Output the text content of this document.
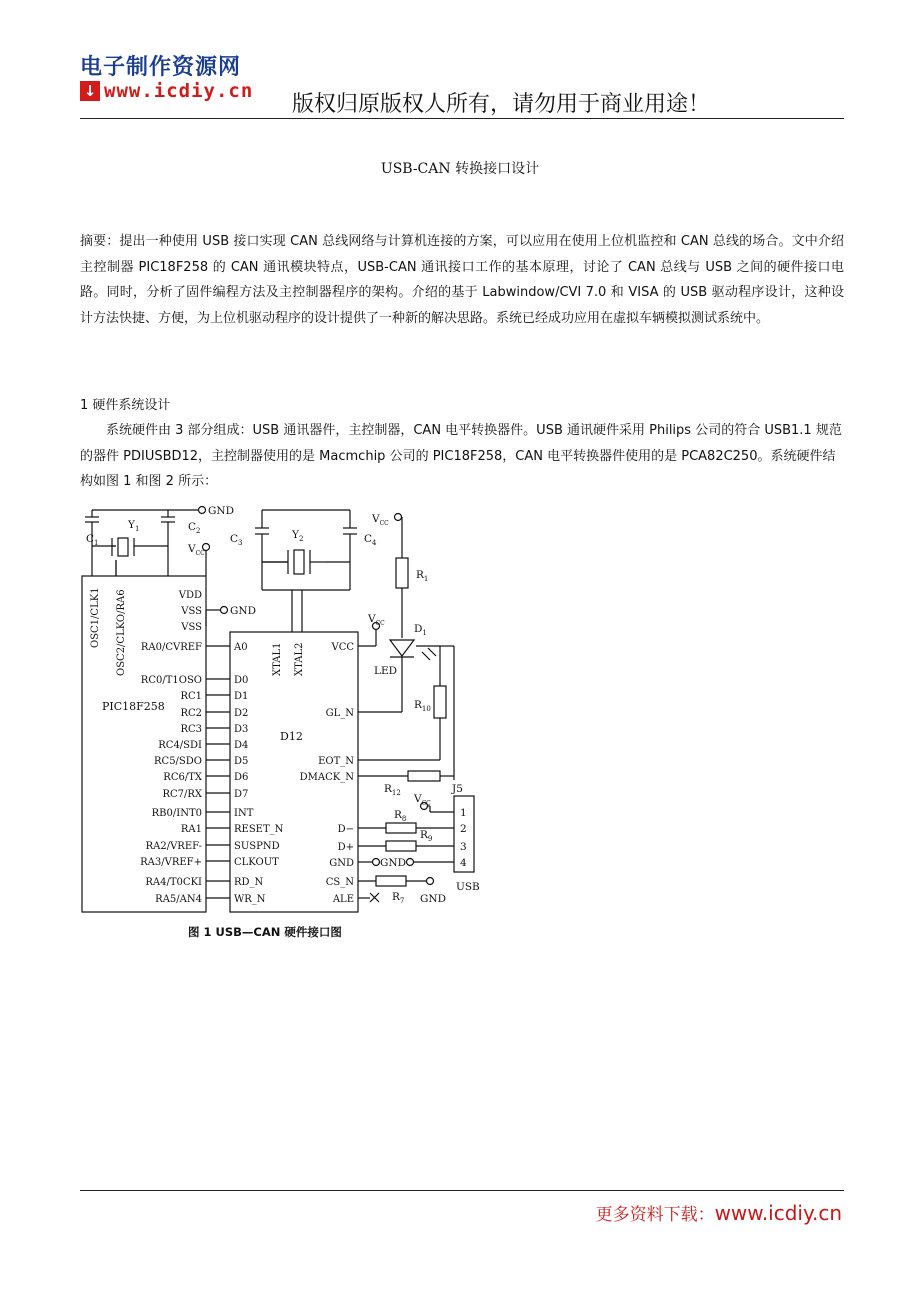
电子制作资源网
↓ www.icdiy.cn
版权归原版权人所有，请勿用于商业用途！
USB-CAN 转换接口设计
摘要：提出一种使用 USB 接口实现 CAN 总线网络与计算机连接的方案，可以应用在使用上位机监控和 CAN 总线的场合。文中介绍主控制器 PIC18F258 的 CAN 通讯模块特点，USB-CAN 通讯接口工作的基本原理，讨论了 CAN 总线与 USB 之间的硬件接口电路。同时，分析了固件编程方法及主控制器程序的架构。介绍的基于 Labwindow/CVI 7.0 和 VISA 的 USB 驱动程序设计，这种设计方法快捷、方便，为上位机驱动程序的设计提供了一种新的解决思路。系统已经成功应用在虚拟车辆模拟测试系统中。
1 硬件系统设计
系统硬件由 3 部分组成：USB 通讯器件，主控制器，CAN 电平转换器件。USB 通讯硬件采用 Philips 公司的符合 USB1.1 规范的器件 PDIUSBD12，主控制器使用的是 Macmchip 公司的 PIC18F258，CAN 电平转换器件使用的是 PCA82C250。系统硬件结构如图 1 和图 2 所示：
GND
$Y_1$
$C_1$
$C_2$
$V_{CC}$
GND
$C_3$
$Y_2$	$C_4$
$V_{CC}$
$R_1$
$V_{CC}$	$D_1$
LED
$R_{10}$
$R_{12}$	J5
$V_{CC}$
$R_8$
$R_9$
GND
GND
$R_7$
USB
1
2
3
4
PIC18F258
D12
OSC1/CLK1 OSC2/CLKO/RA6	XTAL1 XTAL2
VDD
VSS
VSS
RA0/CVREF
RC0/T1OSO
RC1
RC2
RC3
RC4/SDI
RC5/SDO
RC6/TX
RC7/RX
RB0/INT0
RA1
RA2/VREF-
RA3/VREF+
RA4/T0CKI
RA5/AN4
A0
D0
D1
D2
D3
D4
D5
D6
D7
INT
RESET_N
SUSPND
CLKOUT
RD_N
WR_N
VCC
GL_N
EOT_N
DMACK_N
D−
D+
GND
CS_N
ALE
图 1 USB—CAN 硬件接口图
更多资料下载：www.icdiy.cn
